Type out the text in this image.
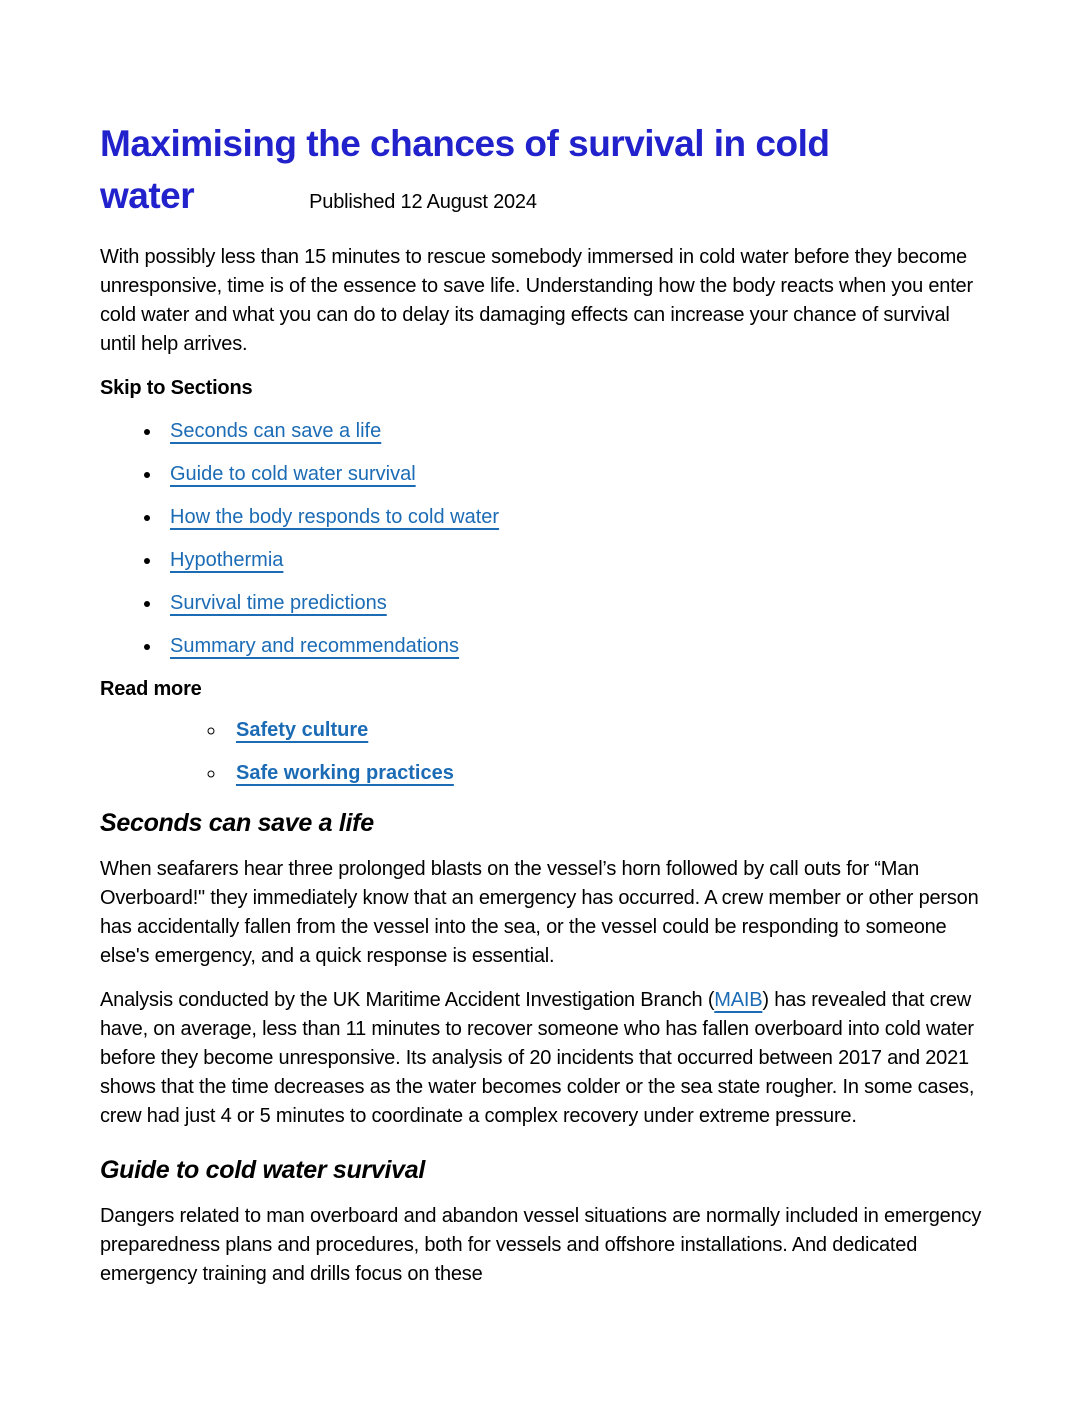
Maximising the chances of survival in cold
water	Published 12 August 2024

With possibly less than 15 minutes to rescue somebody immersed in cold water before they become unresponsive, time is of the essence to save life. Understanding how the body reacts when you enter cold water and what you can do to delay its damaging effects can increase your chance of survival until help arrives.

Skip to Sections

• Seconds can save a life
• Guide to cold water survival
• How the body responds to cold water
• Hypothermia
• Survival time predictions
• Summary and recommendations

Read more

◦ Safety culture
◦ Safe working practices
Seconds can save a life

When seafarers hear three prolonged blasts on the vessel’s horn followed by call outs for “Man Overboard!" they immediately know that an emergency has occurred. A crew member or other person has accidentally fallen from the vessel into the sea, or the vessel could be responding to someone else's emergency, and a quick response is essential.

Analysis conducted by the UK Maritime Accident Investigation Branch (MAIB) has revealed that crew have, on average, less than 11 minutes to recover someone who has fallen overboard into cold water before they become unresponsive. Its analysis of 20 incidents that occurred between 2017 and 2021 shows that the time decreases as the water becomes colder or the sea state rougher. In some cases, crew had just 4 or 5 minutes to coordinate a complex recovery under extreme pressure.

Guide to cold water survival

Dangers related to man overboard and abandon vessel situations are normally included in emergency preparedness plans and procedures, both for vessels and offshore installations. And dedicated emergency training and drills focus on these
